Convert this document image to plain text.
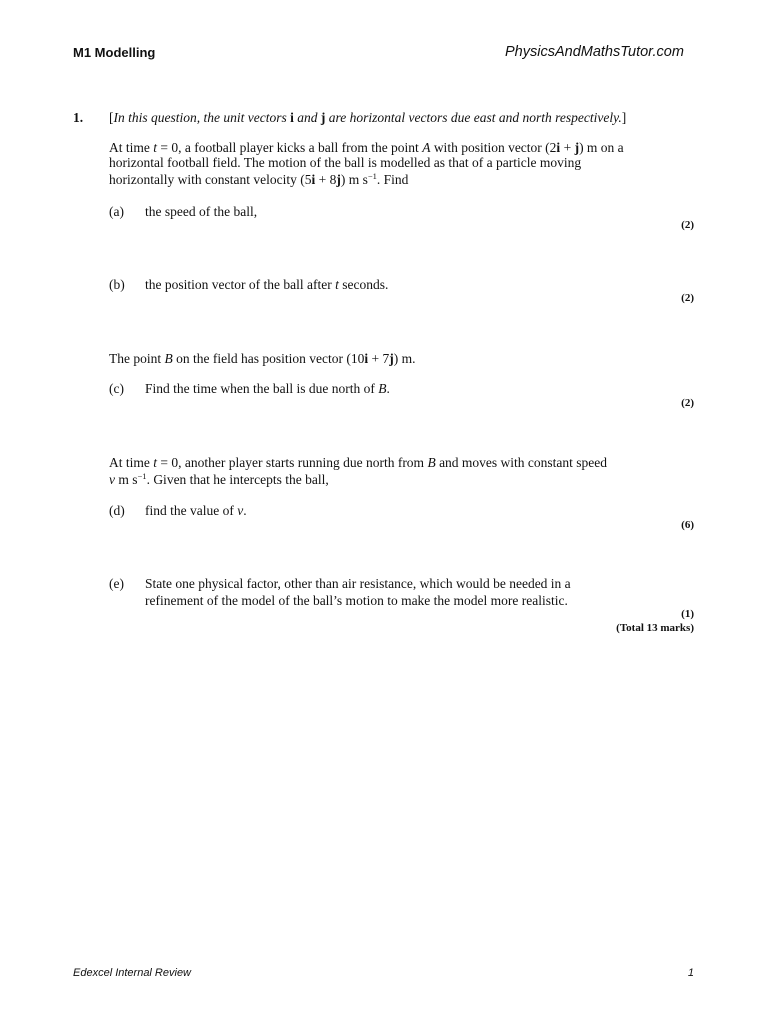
M1 Modelling	PhysicsAndMathsTutor.com
1. [In this question, the unit vectors i and j are horizontal vectors due east and north respectively.]
At time t = 0, a football player kicks a ball from the point A with position vector (2i + j) m on a
horizontal football field. The motion of the ball is modelled as that of a particle moving
horizontally with constant velocity (5i + 8j) m $s^{-1}$. Find
(a) the speed of the ball,
(2)
(b) the position vector of the ball after t seconds.
(2)
The point B on the field has position vector (10i + 7j) m.
(c) Find the time when the ball is due north of B.
(2)
At time t = 0, another player starts running due north from B and moves with constant speed
v m $s^{-1}$. Given that he intercepts the ball,
(d) find the value of v.
(6)
(e) State one physical factor, other than air resistance, which would be needed in a
refinement of the model of the ball’s motion to make the model more realistic.
(1)
(Total 13 marks)
Edexcel Internal Review	1
